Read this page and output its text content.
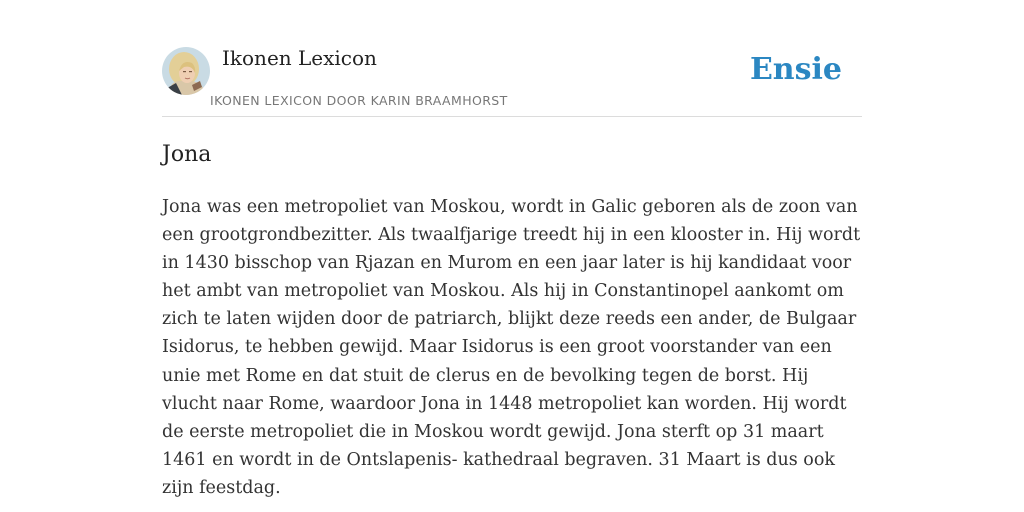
Ikonen Lexicon
IKONEN LEXICON DOOR KARIN BRAAMHORST
Ensie
Jona

Jona was een metropoliet van Moskou, wordt in Galic geboren als de zoon van een grootgrondbezitter. Als twaalfjarige treedt hij in een klooster in. Hij wordt in 1430 bisschop van Rjazan en Murom en een jaar later is hij kandidaat voor het ambt van metropoliet van Moskou. Als hij in Constantinopel aankomt om zich te laten wijden door de patriarch, blijkt deze reeds een ander, de Bulgaar Isidorus, te hebben gewijd. Maar Isidorus is een groot voorstander van een unie met Rome en dat stuit de clerus en de bevolking tegen de borst. Hij vlucht naar Rome, waardoor Jona in 1448 metropoliet kan worden. Hij wordt de eerste metropoliet die in Moskou wordt gewijd. Jona sterft op 31 maart 1461 en wordt in de Ontslapenis- kathedraal begraven. 31 Maart is dus ook zijn feestdag.
